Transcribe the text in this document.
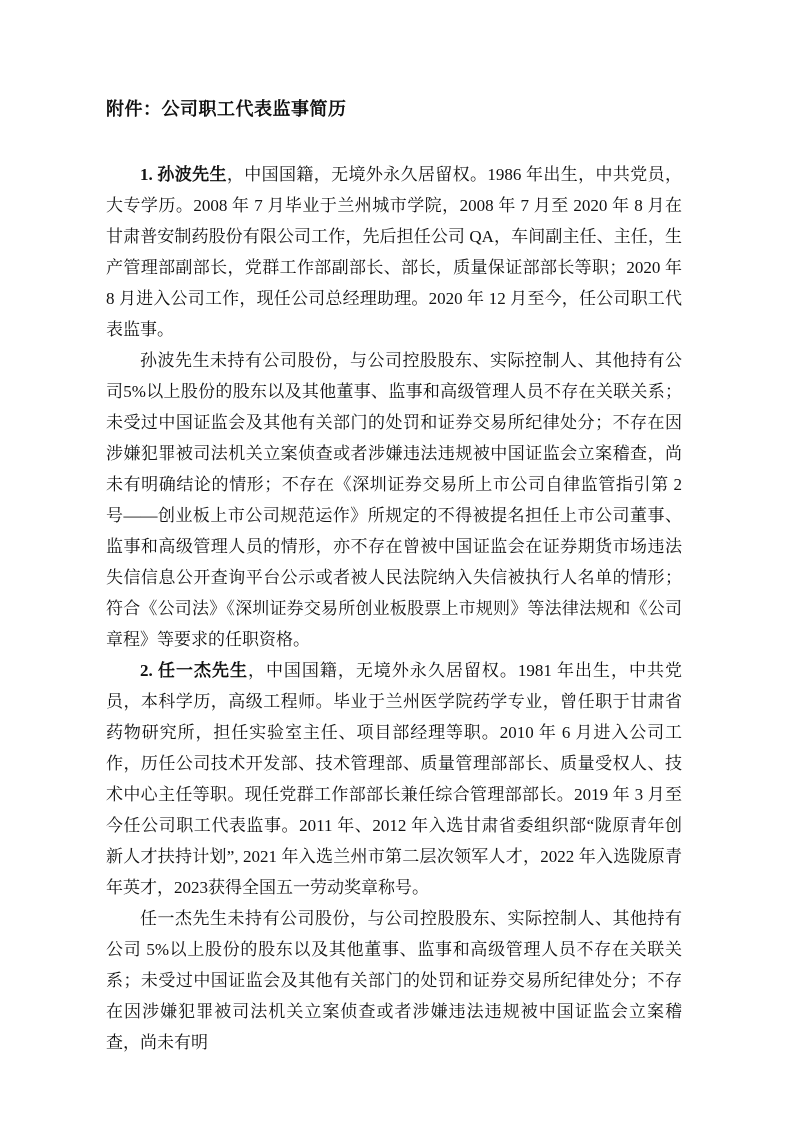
附件：公司职工代表监事简历

1. 孙波先生，中国国籍，无境外永久居留权。1986 年出生，中共党员，大专学历。2008 年 7 月毕业于兰州城市学院，2008 年 7 月至 2020 年 8 月在甘肃普安制药股份有限公司工作，先后担任公司 QA，车间副主任、主任，生产管理部副部长，党群工作部副部长、部长，质量保证部部长等职；2020 年 8 月进入公司工作，现任公司总经理助理。2020 年 12 月至今，任公司职工代表监事。

孙波先生未持有公司股份，与公司控股股东、实际控制人、其他持有公司5%以上股份的股东以及其他董事、监事和高级管理人员不存在关联关系；未受过中国证监会及其他有关部门的处罚和证券交易所纪律处分；不存在因涉嫌犯罪被司法机关立案侦查或者涉嫌违法违规被中国证监会立案稽查，尚未有明确结论的情形；不存在《深圳证券交易所上市公司自律监管指引第 2 号——创业板上市公司规范运作》所规定的不得被提名担任上市公司董事、监事和高级管理人员的情形，亦不存在曾被中国证监会在证券期货市场违法失信信息公开查询平台公示或者被人民法院纳入失信被执行人名单的情形；符合《公司法》《深圳证券交易所创业板股票上市规则》等法律法规和《公司章程》等要求的任职资格。

2. 任一杰先生，中国国籍，无境外永久居留权。1981 年出生，中共党员，本科学历，高级工程师。毕业于兰州医学院药学专业，曾任职于甘肃省药物研究所，担任实验室主任、项目部经理等职。2010 年 6 月进入公司工作，历任公司技术开发部、技术管理部、质量管理部部长、质量受权人、技术中心主任等职。现任党群工作部部长兼任综合管理部部长。2019 年 3 月至今任公司职工代表监事。2011 年、2012 年入选甘肃省委组织部“陇原青年创新人才扶持计划”, 2021 年入选兰州市第二层次领军人才，2022 年入选陇原青年英才，2023获得全国五一劳动奖章称号。

任一杰先生未持有公司股份，与公司控股股东、实际控制人、其他持有公司 5%以上股份的股东以及其他董事、监事和高级管理人员不存在关联关系；未受过中国证监会及其他有关部门的处罚和证券交易所纪律处分；不存在因涉嫌犯罪被司法机关立案侦查或者涉嫌违法违规被中国证监会立案稽查，尚未有明
